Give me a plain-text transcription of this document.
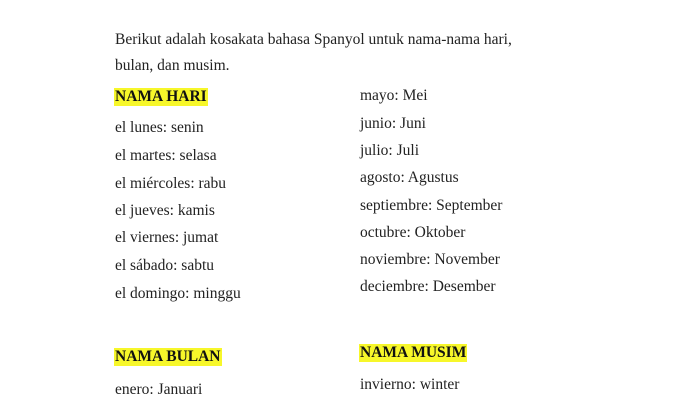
Berikut adalah kosakata bahasa Spanyol untuk nama-nama hari,
bulan, dan musim.
NAMA HARI
el lunes: senin
el martes: selasa
el miércoles: rabu
el jueves: kamis
el viernes: jumat
el sábado: sabtu
el domingo: minggu
mayo: Mei
junio: Juni
julio: Juli
agosto: Agustus
septiembre: September
octubre: Oktober
noviembre: November
deciembre: Desember
NAMA BULAN
enero: Januari
NAMA MUSIM
invierno: winter
